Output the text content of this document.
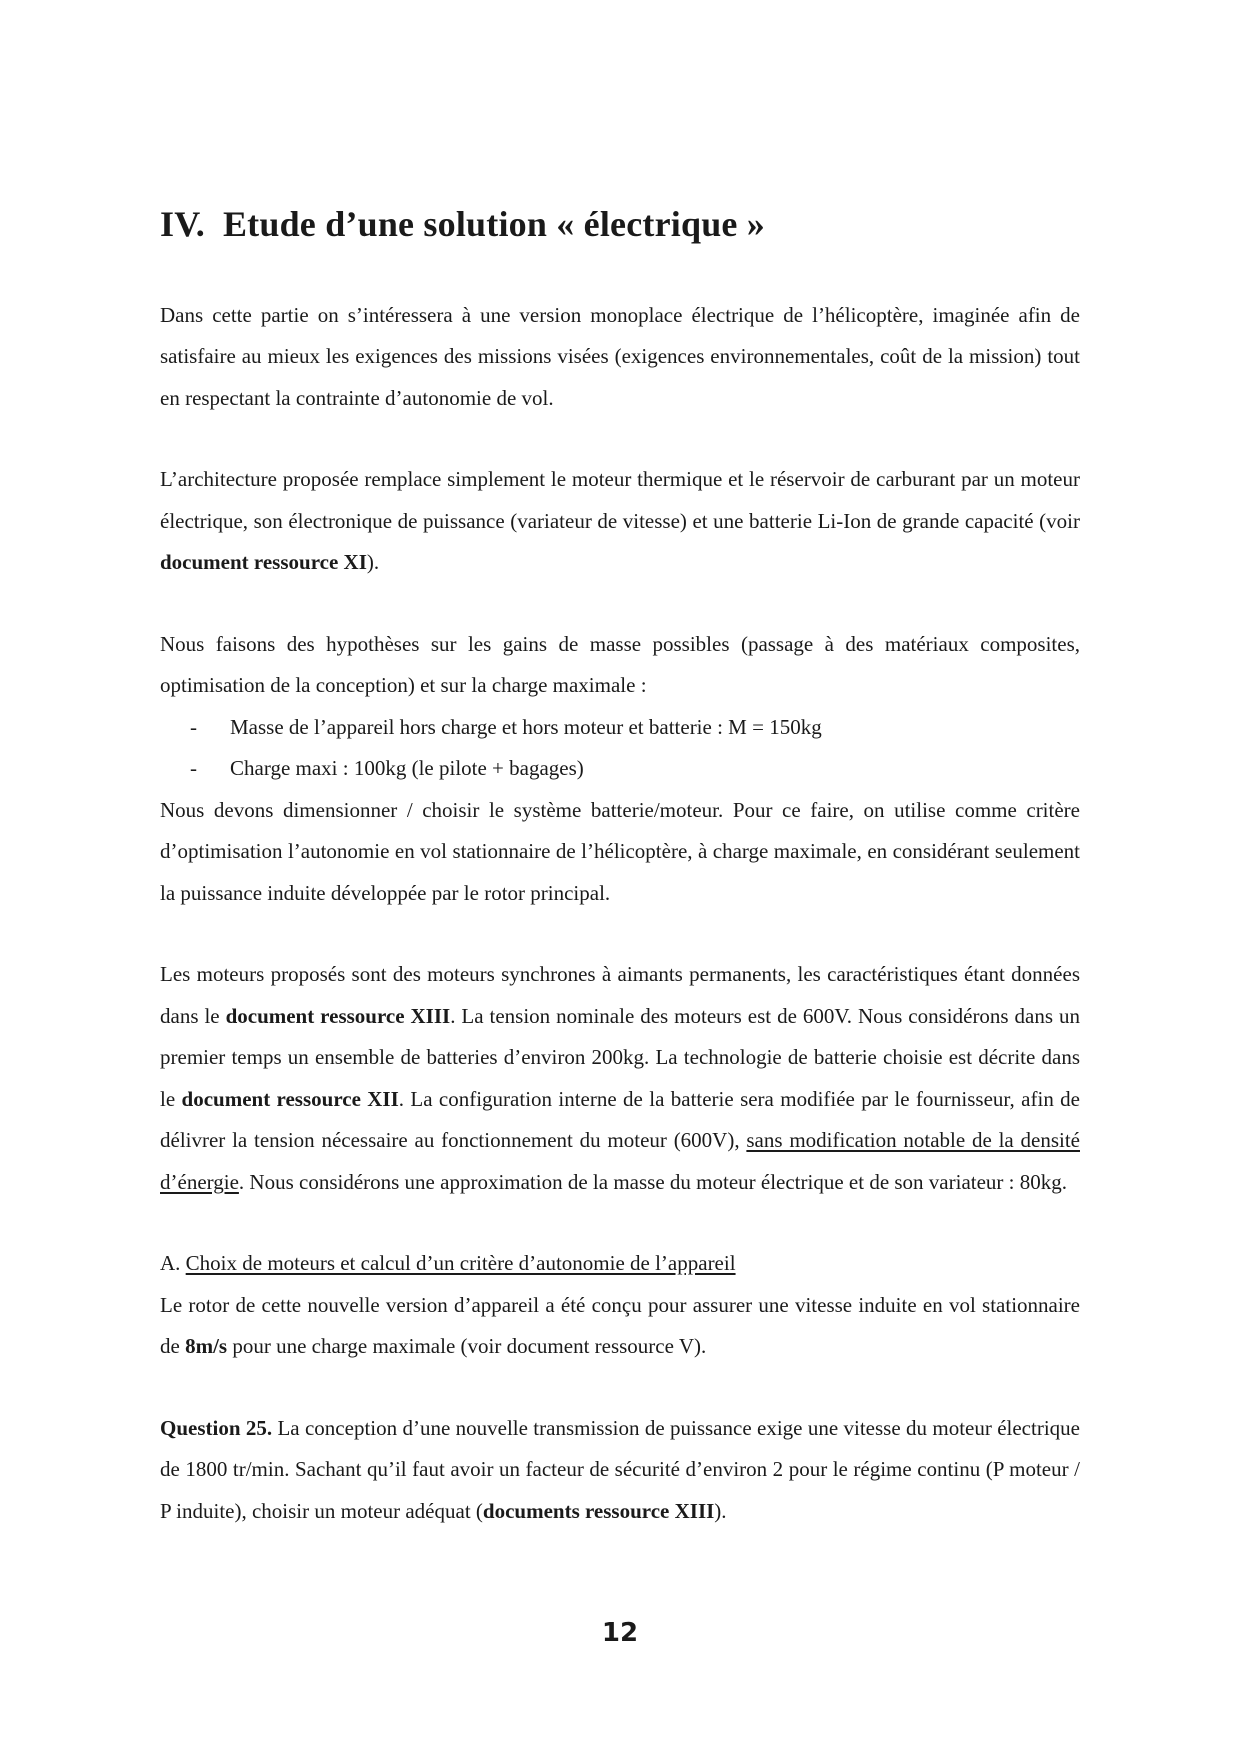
IV. Etude d’une solution « électrique »

Dans cette partie on s’intéressera à une version monoplace électrique de l’hélicoptère, imaginée afin de satisfaire au mieux les exigences des missions visées (exigences environnementales, coût de la mission) tout en respectant la contrainte d’autonomie de vol.

L’architecture proposée remplace simplement le moteur thermique et le réservoir de carburant par un moteur électrique, son électronique de puissance (variateur de vitesse) et une batterie Li-Ion de grande capacité (voir document ressource XI).

Nous faisons des hypothèses sur les gains de masse possibles (passage à des matériaux composites, optimisation de la conception) et sur la charge maximale :

- Masse de l’appareil hors charge et hors moteur et batterie : M = 150kg
- Charge maxi : 100kg (le pilote + bagages)

Nous devons dimensionner / choisir le système batterie/moteur. Pour ce faire, on utilise comme critère d’optimisation l’autonomie en vol stationnaire de l’hélicoptère, à charge maximale, en considérant seulement la puissance induite développée par le rotor principal.

Les moteurs proposés sont des moteurs synchrones à aimants permanents, les caractéristiques étant données dans le document ressource XIII. La tension nominale des moteurs est de 600V. Nous considérons dans un premier temps un ensemble de batteries d’environ 200kg. La technologie de batterie choisie est décrite dans le document ressource XII. La configuration interne de la batterie sera modifiée par le fournisseur, afin de délivrer la tension nécessaire au fonctionnement du moteur (600V), sans modification notable de la densité d’énergie. Nous considérons une approximation de la masse du moteur électrique et de son variateur : 80kg.

A. Choix de moteurs et calcul d’un critère d’autonomie de l’appareil

Le rotor de cette nouvelle version d’appareil a été conçu pour assurer une vitesse induite en vol stationnaire de 8m/s pour une charge maximale (voir document ressource V).

Question 25. La conception d’une nouvelle transmission de puissance exige une vitesse du moteur électrique de 1800 tr/min. Sachant qu’il faut avoir un facteur de sécurité d’environ 2 pour le régime continu (P moteur / P induite), choisir un moteur adéquat (documents ressource XIII).

12
